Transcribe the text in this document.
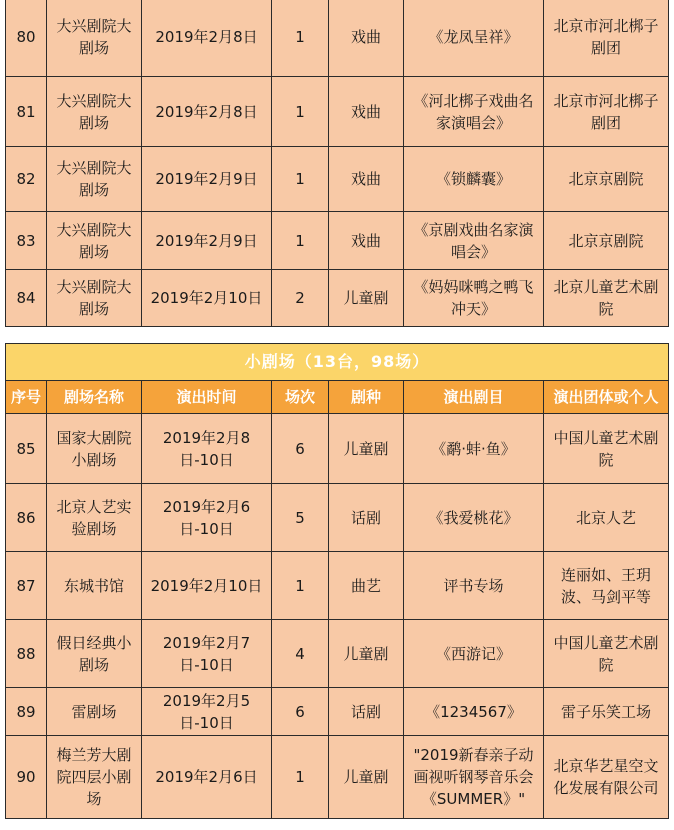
80	大兴剧院大剧场	2019年2月8日	1	戏曲	《龙凤呈祥》	北京市河北梆子剧团
81	大兴剧院大剧场	2019年2月8日	1	戏曲	《河北梆子戏曲名家演唱会》	北京市河北梆子剧团
82	大兴剧院大剧场	2019年2月9日	1	戏曲	《锁麟囊》	北京京剧院
83	大兴剧院大剧场	2019年2月9日	1	戏曲	《京剧戏曲名家演唱会》	北京京剧院
84	大兴剧院大剧场	2019年2月10日	2	儿童剧	《妈妈咪鸭之鸭飞冲天》	北京儿童艺术剧院
小剧场（13台，98场）						
序号	剧场名称	演出时间	场次	剧种	演出剧目	演出团体或个人
85	国家大剧院小剧场	2019年2月8日-10日	6	儿童剧	《鹬·蚌·鱼》	中国儿童艺术剧院
86	北京人艺实验剧场	2019年2月6日-10日	5	话剧	《我爱桃花》	北京人艺
87	东城书馆	2019年2月10日	1	曲艺	评书专场	连丽如、王玥波、马剑平等
88	假日经典小剧场	2019年2月7日-10日	4	儿童剧	《西游记》	中国儿童艺术剧院
89	雷剧场	2019年2月5日-10日	6	话剧	《1234567》	雷子乐笑工场
90	梅兰芳大剧院四层小剧场	2019年2月6日	1	儿童剧	"2019新春亲子动画视听钢琴音乐会《SUMMER》"	北京华艺星空文化发展有限公司
